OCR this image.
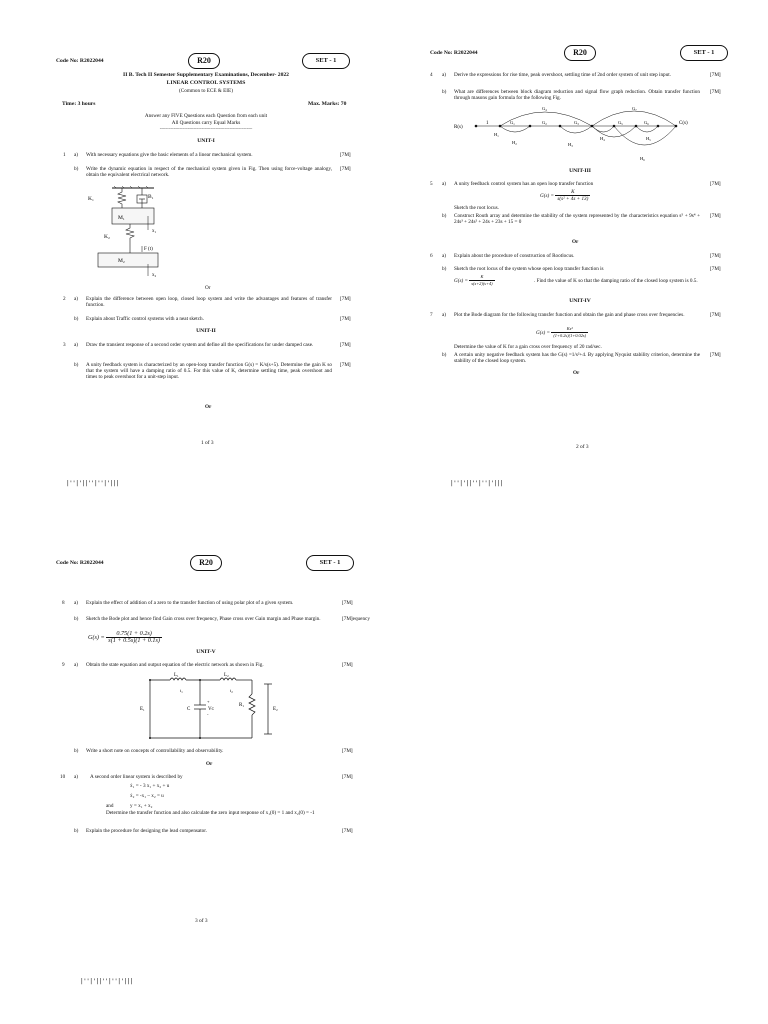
Code No: R2022044	R20	SET - 1
II B. Tech II Semester Supplementary Examinations, December- 2022
LINEAR CONTROL SYSTEMS
(Common to ECE & EIE)
Time: 3 hours	Max. Marks: 70
Answer any FIVE Questions each Question from each unit
All Questions carry Equal Marks
~~~~~~~~~~~~~~~~~~~~~~~~~~~~~~~~~
UNIT-I
1 a) With necessary equations give the basic elements of a linear mechanical system.	[7M]
b) Write the dynamic equation in respect of the mechanical system given in Fig. Then using force-voltage analogy, obtain the equivalent electrical network.
[7M]
K₁	B₁
M₁
x₁
K₂
F (t)
M₂
x₂
Or
2 a) Explain the difference between open loop, closed loop system and write the advantages and features of transfer function.
[7M]
b) Explain about Traffic control systems with a neat sketch.	[7M]
UNIT-II
3 a) Draw the transient response of a second order system and define all the specifications for under damped case.	[7M]
b) A unity feedback system is characterized by an open-loop transfer function G(s) = K/s(s+5). Determine the gain K so that the system will have a damping ratio of 0.5. For this value of K, determine settling time, peak overshoot and times to peak overshoot for a unit-step input.
[7M]
Or
1 of 3
|''|'||''|''|'|||
Code No: R2022044	R20	SET - 1
4 a) Derive the expressions for rise time, peak overshoot, settling time of 2nd order system of unit step input.	[7M]
b) What are differences between block diagram reduction and signal flow graph reduction. Obtain transfer function through masons gain formula for the following Fig.
[7M]
R(s)
1	C(s)
G₁	G₂	G₃
G₄
G₅	G₆
G₇
H₁
H₂	H₃
H₄	H₅
H₆
UNIT-III
5 a) A unity feedback control system has an open loop transfer function	[7M]
$G(s) = \frac{K}{\text{s(s² + 4s + 13)}}$
Sketch the root locus.
b) Construct Routh array and determine the stability of the system represented by the characteristics equation s⁵ + 9s⁴ + 24s³ + 24s² + 24s + 23s + 15 = 0
[7M]
Or
6 a) Explain about the procedure of construction of Rootlocus.	[7M]
b) Sketch the root locus of the system whose open loop transfer function is	[7M]
$G(s) = \frac{K}{s(s+2)(s+4)}$	. Find the value of K so that the damping ratio of the closed loop system is 0.5.
UNIT-IV
7 a) Plot the Bode diagram for the following transfer function and obtain the gain and phase cross over frequencies.	[7M]
$G(s) = \frac{\text{Ks²}}{(1+0.2s)(1+0.02s)}$
Determine the value of K for a gain cross over frequency of 20 rad/sec.
b) A certain unity negative feedback system has the G(s) =1/s²+4. By applying Nyquist stability criterion, determine the stability of the closed loop system.
[7M]
Or
2 of 3
|''|'||''|''|'|||
Code No: R2022044	R20	SET - 1
8 a) Explain the effect of addition of a zero to the transfer function of using polar plot of a given system.	[7M]
b) Sketch the Bode plot and hence find Gain cross over frequency, Phase cross over Gain margin and Phase margin.	[7M]equency
$G(s) = \frac{0.75(1 + 0.2s)}{s(1 + 0.5s)(1 + 0.1s)}$
UNIT-V
9 a) Obtain the state equation and output equation of the electric network as shown in Fig.	[7M]
L₁	L₂
i₁	i₂
E₁	C
+
Vᴄ
-
R₁
E₂
b) Write a short note on concepts of controllability and observability.	[7M]
Or
10 a) A second order linear system is described by	[7M]
ẋ₁ = - 3 x₁ + x₂ + u
ẋ₂ = -x₁ – x₂ = u
and	y = x₁ + x₂
Determine the transfer function and also calculate the zero input response of x₁(0) = 1 and x₂(0) = -1
b) Explain the procedure for designing the lead compensator.	[7M]
3 of 3
|''|'||''|''|'|||
